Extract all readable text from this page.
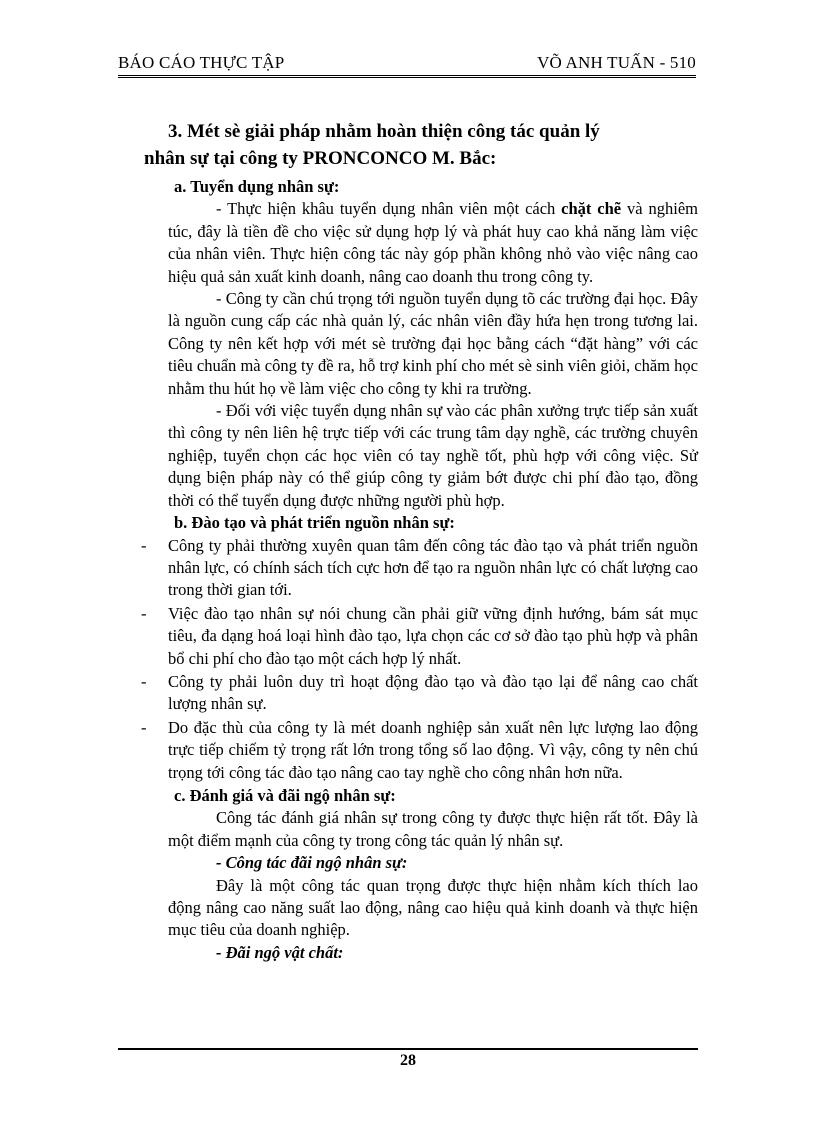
BÁO CÁO THỰC TẬP	VÕ ANH TUẤN - 510
3. Mét sè giải pháp nhằm hoàn thiện công tác quản lý
nhân sự tại công ty PRONCONCO M. Bắc:

a. Tuyển dụng nhân sự:

- Thực hiện khâu tuyển dụng nhân viên một cách chặt chẽ và nghiêm túc, đây là tiền đề cho việc sử dụng hợp lý và phát huy cao khả năng làm việc của nhân viên. Thực hiện công tác này góp phần không nhỏ vào việc nâng cao hiệu quả sản xuất kinh doanh, nâng cao doanh thu trong công ty.

- Công ty cần chú trọng tới nguồn tuyển dụng tõ các trường đại học. Đây là nguồn cung cấp các nhà quản lý, các nhân viên đầy hứa hẹn trong tương lai. Công ty nên kết hợp với mét sè trường đại học bằng cách “đặt hàng” với các tiêu chuẩn mà công ty đề ra, hỗ trợ kinh phí cho mét sè sinh viên giỏi, chăm học nhằm thu hút họ về làm việc cho công ty khi ra trường.

- Đối với việc tuyển dụng nhân sự vào các phân xưởng trực tiếp sản xuất thì công ty nên liên hệ trực tiếp với các trung tâm dạy nghề, các trường chuyên nghiệp, tuyển chọn các học viên có tay nghề tốt, phù hợp với công việc. Sử dụng biện pháp này có thể giúp công ty giảm bớt được chi phí đào tạo, đồng thời có thể tuyển dụng được những người phù hợp.

b. Đào tạo và phát triển nguồn nhân sự:

- Công ty phải thường xuyên quan tâm đến công tác đào tạo và phát triển nguồn nhân lực, có chính sách tích cực hơn để tạo ra nguồn nhân lực có chất lượng cao trong thời gian tới.
- Việc đào tạo nhân sự nói chung cần phải giữ vững định hướng, bám sát mục tiêu, đa dạng hoá loại hình đào tạo, lựa chọn các cơ sở đào tạo phù hợp và phân bổ chi phí cho đào tạo một cách hợp lý nhất.
- Công ty phải luôn duy trì hoạt động đào tạo và đào tạo lại để nâng cao chất lượng nhân sự.
- Do đặc thù của công ty là mét doanh nghiệp sản xuất nên lực lượng lao động trực tiếp chiếm tỷ trọng rất lớn trong tổng số lao động. Vì vậy, công ty nên chú trọng tới công tác đào tạo nâng cao tay nghề cho công nhân hơn nữa.

c. Đánh giá và đãi ngộ nhân sự:

Công tác đánh giá nhân sự trong công ty được thực hiện rất tốt. Đây là một điểm mạnh của công ty trong công tác quản lý nhân sự.

- Công tác đãi ngộ nhân sự:

Đây là một công tác quan trọng được thực hiện nhằm kích thích lao động nâng cao năng suất lao động, nâng cao hiệu quả kinh doanh và thực hiện mục tiêu của doanh nghiệp.

- Đãi ngộ vật chất:

28
